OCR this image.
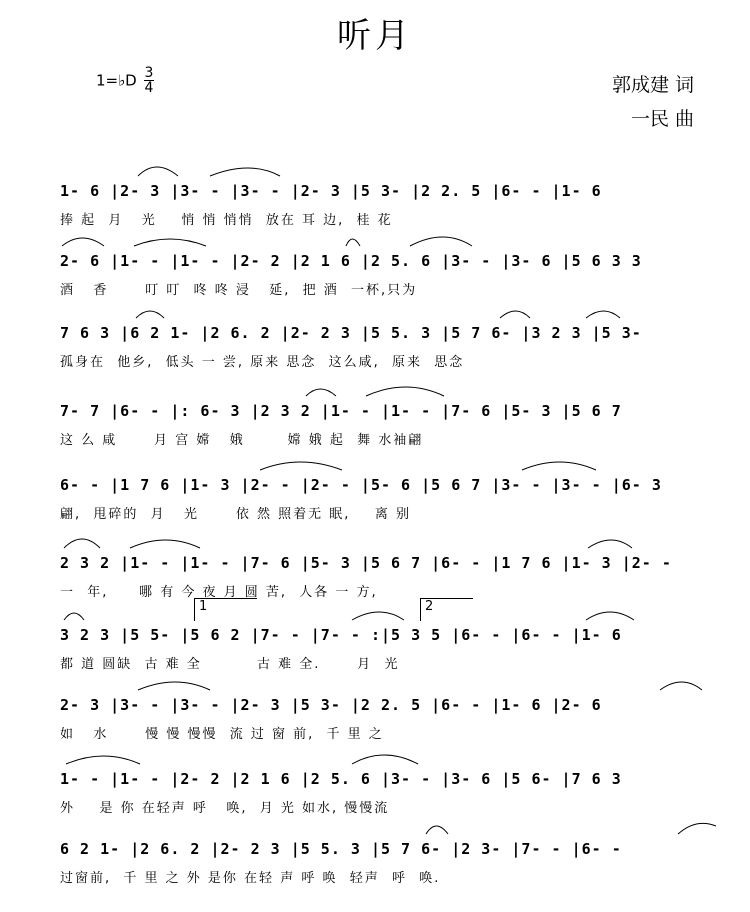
听月
1=♭D $\frac{3}{4}$	郭成建 词
一民 曲
1- 6 |2- 3 |3- - |3- - |2- 3 |5 3- |2 2. 5 |6- - |1- 6
捧 起  月   光    悄 悄 悄悄  放在 耳 边,  桂 花
2- 6 |1- - |1- - |2- 2 |2 1 6 |2 5. 6 |3- - |3- 6 |5 6 3 3
酒   香      叮 叮  咚 咚 浸   延,  把 酒  一杯,只为
7 6 3 |6 2 1- |2 6. 2 |2- 2 3 |5 5. 3 |5 7 6- |3 2 3 |5 3-
孤身在  他乡,  低头 一 尝, 原来 思念  这么咸,  原来  思念
7- 7 |6- - |: 6- 3 |2 3 2 |1- - |1- - |7- 6 |5- 3 |5 6 7
这 么 咸      月 宫 嫦   娥       嫦 娥 起  舞 水袖翩
6- - |1 7 6 |1- 3 |2- - |2- - |5- 6 |5 6 7 |3- - |3- - |6- 3
翩,  甩碎的  月   光      依 然 照着无 眠,    离 别
2 3 2 |1- - |1- - |7- 6 |5- 3 |5 6 7 |6- - |1 7 6 |1- 3 |2- -
一  年,     哪 有 今 夜 月 圆 苦,  人各 一 方,
1	2
3 2 3 |5 5- |5 6 2 |7- - |7- - :|5 3 5 |6- - |6- - |1- 6
都 道 圆缺  古 难 全         古 难 全.      月  光
2- 3 |3- - |3- - |2- 3 |5 3- |2 2. 5 |6- - |1- 6 |2- 6
如   水      慢 慢 慢慢  流 过 窗 前,  千 里 之
1- - |1- - |2- 2 |2 1 6 |2 5. 6 |3- - |3- 6 |5 6- |7 6 3
外    是 你 在轻声 呼   唤,  月 光 如水, 慢慢流
6 2 1- |2 6. 2 |2- 2 3 |5 5. 3 |5 7 6- |2 3- |7- - |6- -
过窗前,  千 里 之 外 是你 在轻 声 呼 唤  轻声  呼  唤.
